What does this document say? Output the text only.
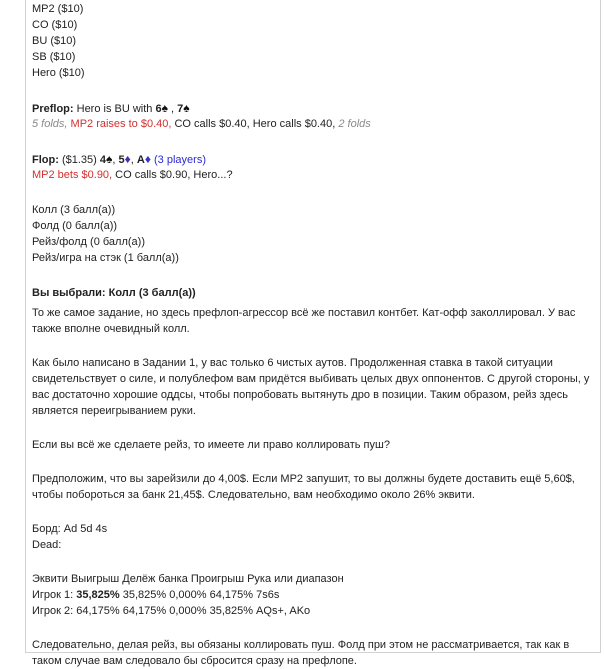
MP2 ($10)
CO ($10)
BU ($10)
SB ($10)
Hero ($10)
Preflop: Hero is BU with 6♠ , 7♠
5 folds, MP2 raises to $0.40, CO calls $0.40, Hero calls $0.40, 2 folds
Flop: ($1.35) 4♠, 5♦, A♦ (3 players)
MP2 bets $0.90, CO calls $0.90, Hero...?
Колл (3 балл(а))
Фолд (0 балл(а))
Рейз/фолд (0 балл(а))
Рейз/игра на стэк (1 балл(а))
Вы выбрали: Колл (3 балл(а))
То же самое задание, но здесь префлоп-агрессор всё же поставил контбет. Кат-офф заколлировал. У вас также вполне очевидный колл.
Как было написано в Задании 1, у вас только 6 чистых аутов. Продолженная ставка в такой ситуации свидетельствует о силе, и полублефом вам придётся выбивать целых двух оппонентов. С другой стороны, у вас достаточно хорошие оддсы, чтобы попробовать вытянуть дро в позиции. Таким образом, рейз здесь является переигрыванием руки.
Если вы всё же сделаете рейз, то имеете ли право коллировать пуш?
Предположим, что вы зарейзили до 4,00$. Если MP2 запушит, то вы должны будете доставить ещё 5,60$, чтобы побороться за банк 21,45$. Следовательно, вам необходимо около 26% эквити.
Борд: Ad 5d 4s
Dead:
Эквити Выигрыш Делёж банка Проигрыш Рука или диапазон
Игрок 1: 35,825% 35,825% 0,000% 64,175% 7s6s
Игрок 2: 64,175% 64,175% 0,000% 35,825% AQs+, AKo
Следовательно, делая рейз, вы обязаны коллировать пуш. Фолд при этом не рассматривается, так как в таком случае вам следовало бы сбросится сразу на префлопе.
